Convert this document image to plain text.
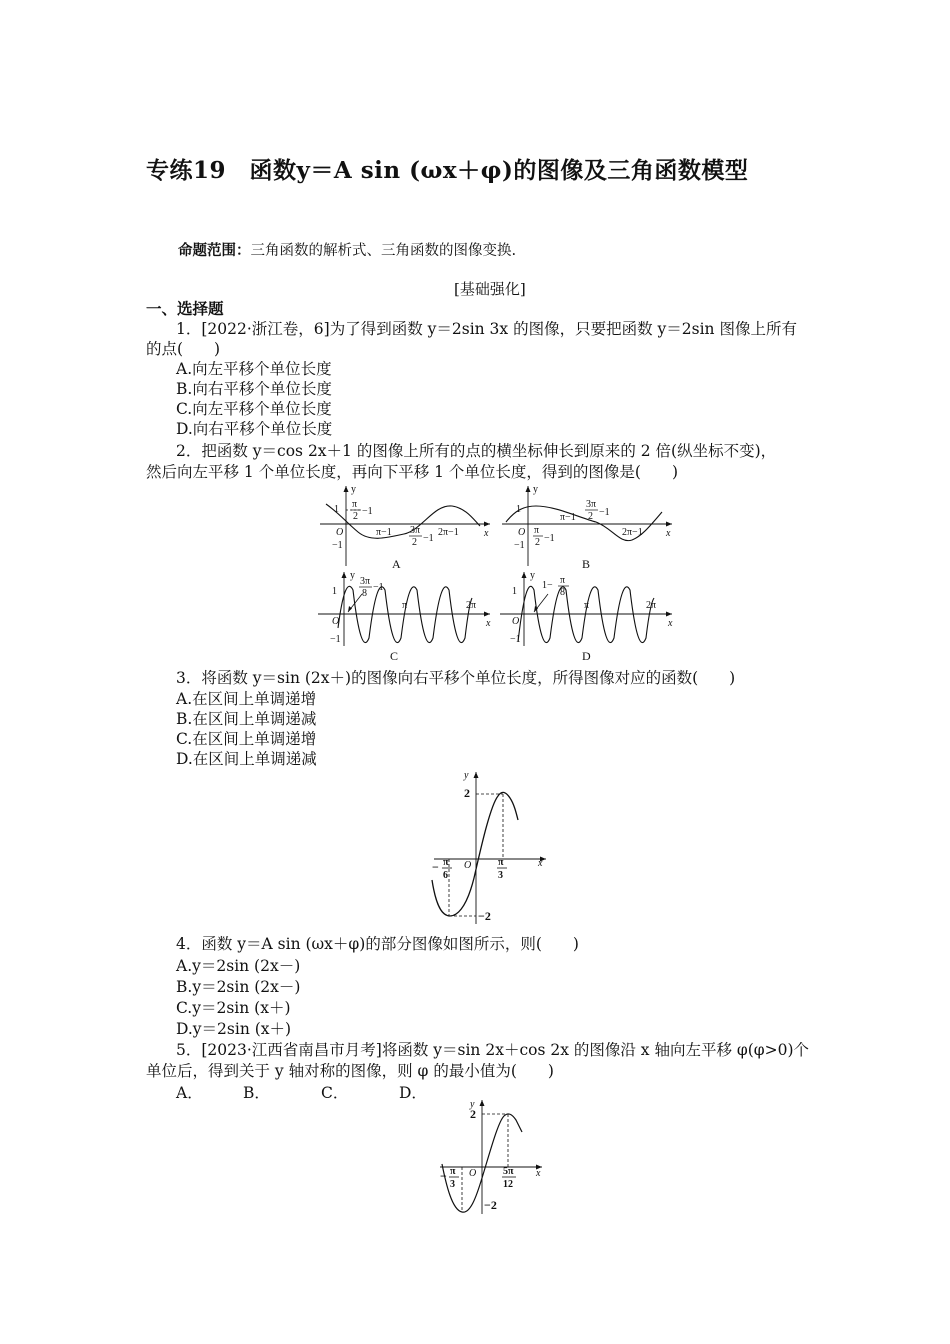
专练19　函数y＝A sin (ωx＋φ)的图像及三角函数模型
命题范围：三角函数的解析式、三角函数的图像变换.
[基础强化]
一、选择题
1．[2022·浙江卷，6]为了得到函数 y＝2sin 3x 的图像，只要把函数 y＝2sin 图像上所有
的点(　　)
A.向左平移个单位长度
B.向右平移个单位长度
C.向左平移个单位长度
D.向右平移个单位长度
2．把函数 y＝cos 2x＋1 的图像上所有的点的横坐标伸长到原来的 2 倍(纵坐标不变)，
然后向左平移 1 个单位长度，再向下平移 1 个单位长度，得到的图像是(　　)
y
1
−1
O	x
π
2 −1
π−1 3π
2 −1
2π−1
A
y
1
−1
O	x
π−1
3π
2 −1
π
2 −1
2π−1
B
y
1
−1
O	x
3π
8
−1
π	2π
C
y
1
−1
O	x
1− π
8
π	2π
D
3．将函数 y＝sin (2x＋)的图像向右平移个单位长度，所得图像对应的函数(　　)
A.在区间上单调递增
B.在区间上单调递减
C.在区间上单调递增
D.在区间上单调递减
y
x
2
−2
O
− π
6
π
3
4．函数 y＝A sin (ωx＋φ)的部分图像如图所示，则(　　)
A.y＝2sin (2x－)
B.y＝2sin (2x－)
C.y＝2sin (x＋)
D.y＝2sin (x＋)
5．[2023·江西省南昌市月考]将函数 y＝sin 2x＋cos 2x 的图像沿 x 轴向左平移 φ(φ>0)个
单位后，得到关于 y 轴对称的图像，则 φ 的最小值为(　　)
A．	B．	C．	D．
y
x
2
−2
O
− π
3
5π
12
